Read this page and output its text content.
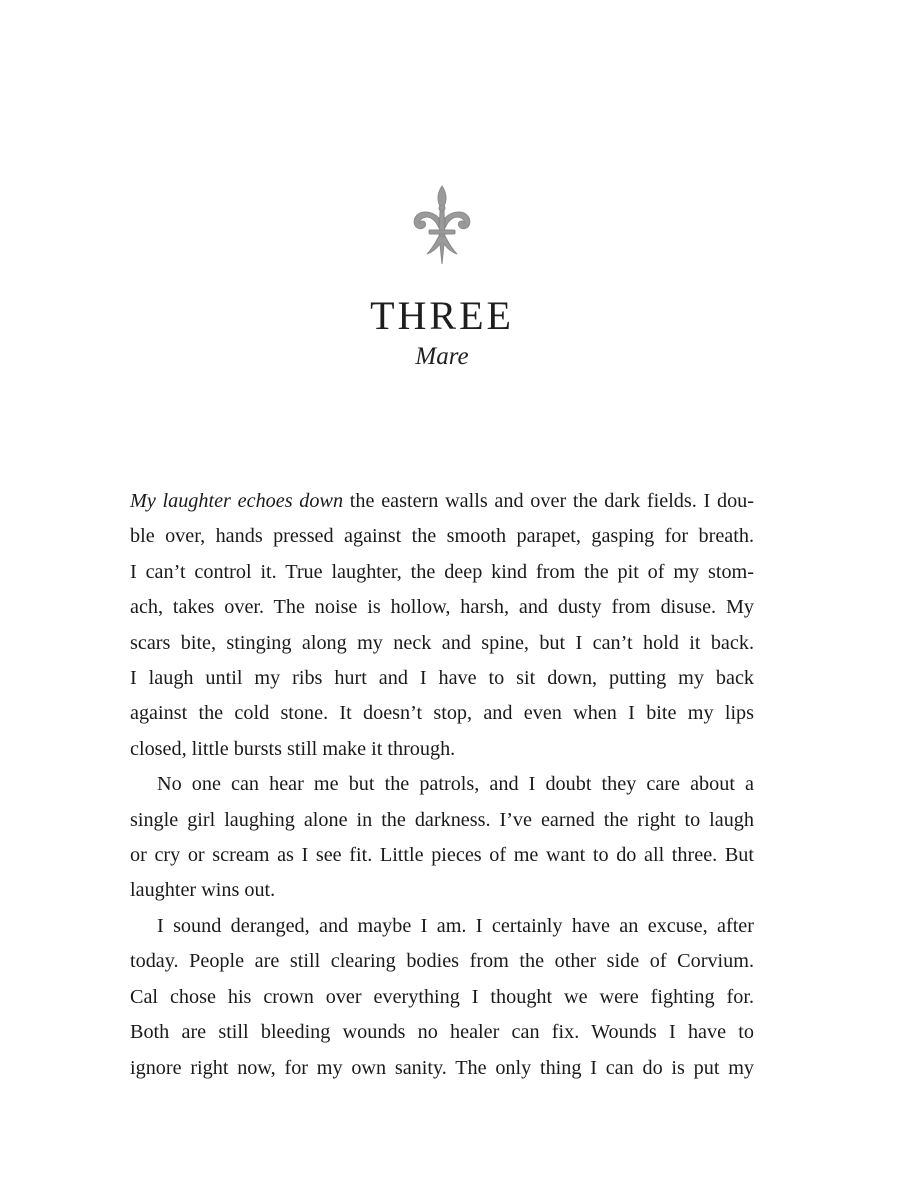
THREE
Mare
My laughter echoes down the eastern walls and over the dark fields. I dou-
ble over, hands pressed against the smooth parapet, gasping for breath.
I can’t control it. True laughter, the deep kind from the pit of my stom-
ach, takes over. The noise is hollow, harsh, and dusty from disuse. My
scars bite, stinging along my neck and spine, but I can’t hold it back.
I laugh until my ribs hurt and I have to sit down, putting my back
against the cold stone. It doesn’t stop, and even when I bite my lips
closed, little bursts still make it through.
No one can hear me but the patrols, and I doubt they care about a
single girl laughing alone in the darkness. I’ve earned the right to laugh
or cry or scream as I see fit. Little pieces of me want to do all three. But
laughter wins out.
I sound deranged, and maybe I am. I certainly have an excuse, after
today. People are still clearing bodies from the other side of Corvium.
Cal chose his crown over everything I thought we were fighting for.
Both are still bleeding wounds no healer can fix. Wounds I have to
ignore right now, for my own sanity. The only thing I can do is put my
